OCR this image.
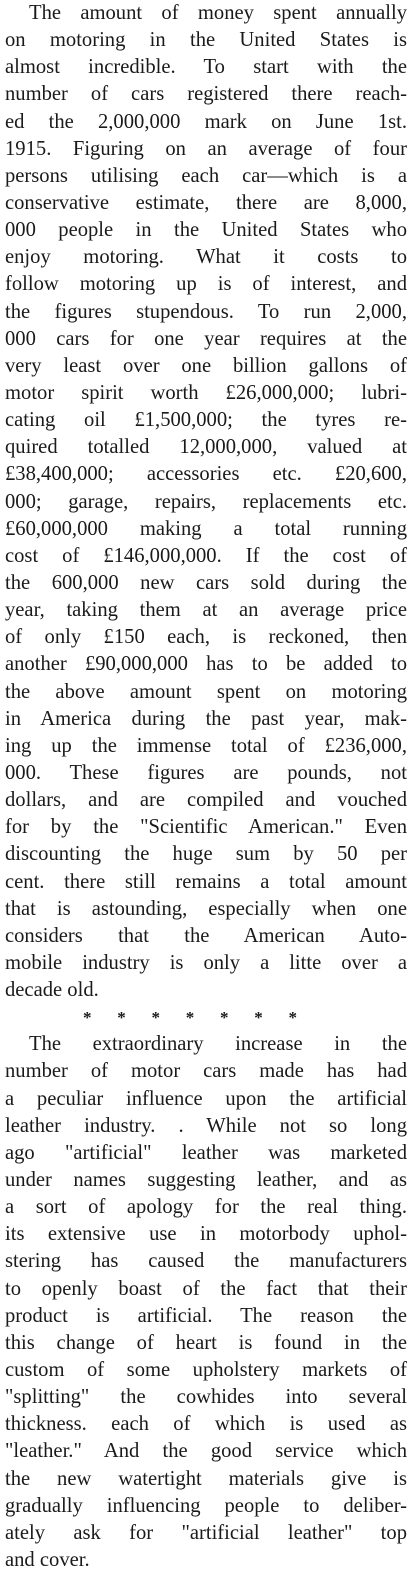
The amount of money spent annually
on motoring in the United States is
almost incredible. To start with the
number of cars registered there reach-
ed the 2,000,000 mark on June 1st.
1915. Figuring on an average of four
persons utilising each car—which is a
conservative estimate, there are 8,000,
000 people in the United States who
enjoy motoring. What it costs to
follow motoring up is of interest, and
the figures stupendous. To run 2,000,
000 cars for one year requires at the
very least over one billion gallons of
motor spirit worth £26,000,000; lubri-
cating oil £1,500,000; the tyres re-
quired totalled 12,000,000, valued at
£38,400,000; accessories etc. £20,600,
000; garage, repairs, replacements etc.
£60,000,000 making a total running
cost of £146,000,000. If the cost of
the 600,000 new cars sold during the
year, taking them at an average price
of only £150 each, is reckoned, then
another £90,000,000 has to be added to
the above amount spent on motoring
in America during the past year, mak-
ing up the immense total of £236,000,
000. These figures are pounds, not
dollars, and are compiled and vouched
for by the "Scientific American." Even
discounting the huge sum by 50 per
cent. there still remains a total amount
that is astounding, especially when one
considers that the American Auto-
mobile industry is only a litte over a
decade old.
* * * * * * *
The extraordinary increase in the
number of motor cars made has had
a peculiar influence upon the artificial
leather industry. . While not so long
ago "artificial" leather was marketed
under names suggesting leather, and as
a sort of apology for the real thing.
its extensive use in motorbody uphol-
stering has caused the manufacturers
to openly boast of the fact that their
product is artificial. The reason the
this change of heart is found in the
custom of some upholstery markets of
"splitting" the cowhides into several
thickness. each of which is used as
"leather." And the good service which
the new watertight materials give is
gradually influencing people to deliber-
ately ask for "artificial leather" top
and cover.
